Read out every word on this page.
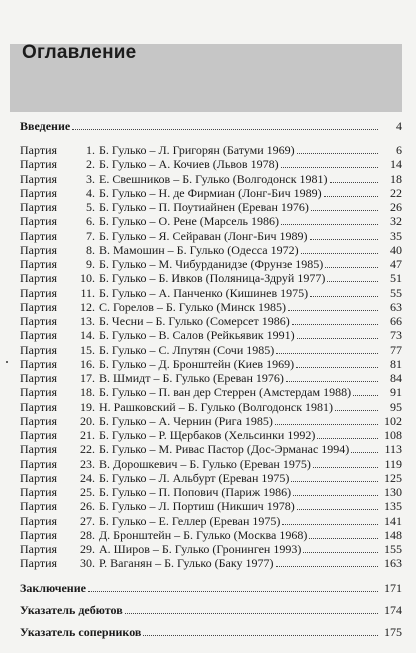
Оглавление
Введение	4
Партия	1. Б. Гулько – Л. Григорян (Батуми 1969)	6
Партия	2. Б. Гулько – А. Кочиев (Львов 1978)	14
Партия	3. Е. Свешников – Б. Гулько (Волгодонск 1981)	18
Партия	4. Б. Гулько – Н. де Фирмиан (Лонг-Бич 1989)	22
Партия	5. Б. Гулько – П. Поутиайнен (Ереван 1976)	26
Партия	6. Б. Гулько – О. Рене (Марсель 1986)	32
Партия	7. Б. Гулько – Я. Сейраван (Лонг-Бич 1989)	35
Партия	8. В. Мамошин – Б. Гулько (Одесса 1972)	40
Партия	9. Б. Гулько – М. Чибурданидзе (Фрунзе 1985)	47
Партия	10. Б. Гулько – Б. Ивков (Поляница-Здруй 1977)	51
Партия	11. Б. Гулько – А. Панченко (Кишинев 1975)	55
Партия	12. С. Горелов – Б. Гулько (Минск 1985)	63
Партия	13. Б. Чесни – Б. Гулько (Сомерсет 1986)	66
Партия	14. Б. Гулько – В. Салов (Рейкьявик 1991)	73
Партия	15. Б. Гулько – С. Лпутян (Сочи 1985)	77
Партия	16. Б. Гулько – Д. Бронштейн (Киев 1969)	81
Партия	17. В. Шмидт – Б. Гулько (Ереван 1976)	84
Партия	18. Б. Гулько – П. ван дер Стеррен (Амстердам 1988)	91
Партия	19. Н. Рашковский – Б. Гулько (Волгодонск 1981)	95
Партия	20. Б. Гулько – А. Чернин (Рига 1985)	102
Партия	21. Б. Гулько – Р. Щербаков (Хельсинки 1992)	108
Партия	22. Б. Гулько – М. Ривас Пастор (Дос-Эрманас 1994)	113
Партия	23. В. Дорошкевич – Б. Гулько (Ереван 1975)	119
Партия	24. Б. Гулько – Л. Альбурт (Ереван 1975)	125
Партия	25. Б. Гулько – П. Попович (Париж 1986)	130
Партия	26. Б. Гулько – Л. Портиш (Никшич 1978)	135
Партия	27. Б. Гулько – Е. Геллер (Ереван 1975)	141
Партия	28. Д. Бронштейн – Б. Гулько (Москва 1968)	148
Партия	29. А. Широв – Б. Гулько (Гронинген 1993)	155
Партия	30. Р. Ваганян – Б. Гулько (Баку 1977)	163
Заключение	171
Указатель дебютов	174
Указатель соперников	175
